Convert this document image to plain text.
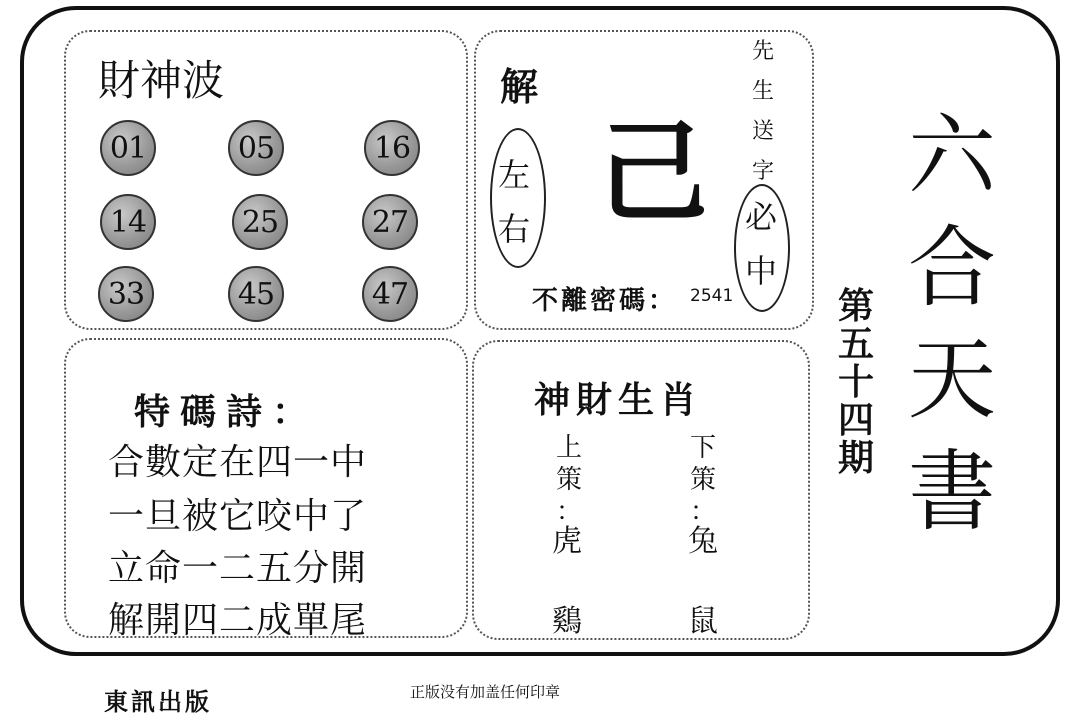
財神波
01	05	16
14	25	27
33	45	47
解
左
右 己
先
生
送
字
必
中
不離密碼： 2541
六
合
天
書
第
五
十
四
期
特碼詩：
合數定在四一中
一旦被它咬中了
立命一二五分開
解開四二成單尾
神財生肖
上
策
：
虎
鷄
下
策
：
兔
鼠
東訊出版	正版没有加盖任何印章
